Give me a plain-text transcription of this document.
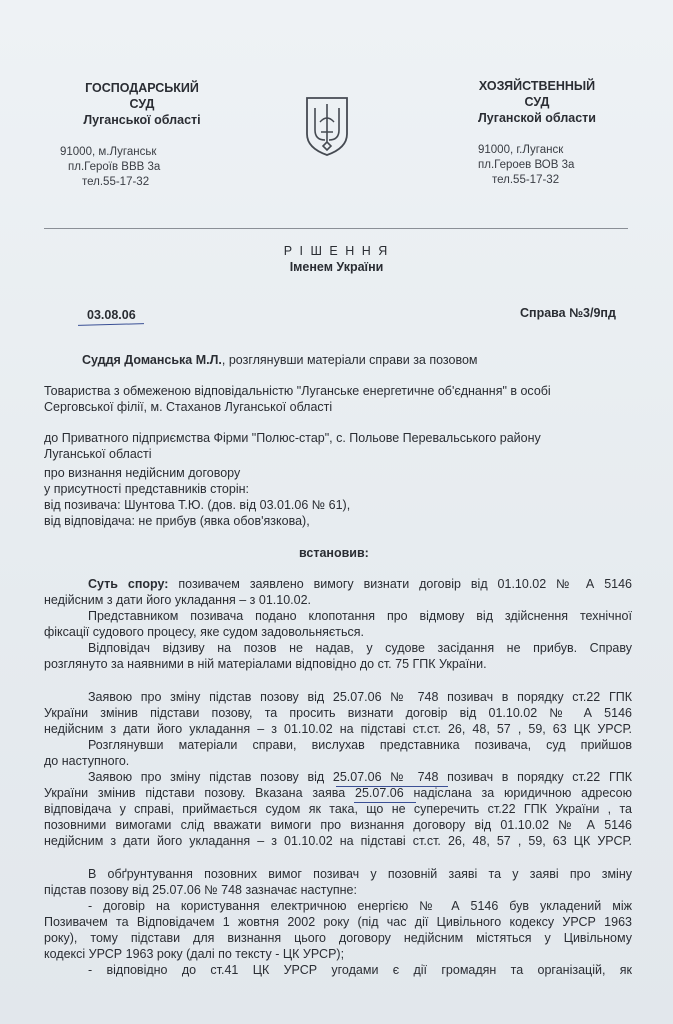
ГОСПОДАРСЬКИЙ
СУД
Луганської області
91000, м.Луганськ
пл.Героїв ВВВ 3а
тел.55-17-32
ХОЗЯЙСТВЕННЫЙ
СУД
Луганской области
91000, г.Луганск
пл.Героев ВОВ 3а
тел.55-17-32
Р І Ш Е Н Н Я
Іменем України
03.08.06	Справа №3/9пд
Суддя Доманська М.Л., розглянувши матеріали справи за позовом
Товариства з обмеженою відповідальністю "Луганське енергетичне об'єднання" в особі
Серговської філії, м. Стаханов Луганської області
до Приватного підприємства Фірми "Полюс-стар", с. Польове Перевальського району
Луганської області
про визнання недійсним договору
у присутності представників сторін:
від позивача: Шунтова Т.Ю. (дов. від 03.01.06 № 61),
від відповідача: не прибув (явка обов'язкова),
встановив:
Суть спору: позивачем заявлено вимогу визнати договір від 01.10.02 № А 5146
недійсним з дати його укладання – з 01.10.02.
Представником позивача подано клопотання про відмову від здійснення технічної
фіксації судового процесу, яке судом задовольняється.
Відповідач відзиву на позов не надав, у судове засідання не прибув. Справу
розглянуто за наявними в ній матеріалами відповідно до ст. 75 ГПК України.
Заявою про зміну підстав позову від 25.07.06 № 748 позивач в порядку ст.22 ГПК
України змінив підстави позову, та просить визнати договір від 01.10.02 № А 5146
недійсним з дати його укладання – з 01.10.02 на підставі ст.ст. 26, 48, 57 , 59, 63 ЦК УРСР.
Розглянувши матеріали справи, вислухав представника позивача, суд прийшов
до наступного.
Заявою про зміну підстав позову від 25.07.06 № 748 позивач в порядку ст.22 ГПК
України змінив підстави позову. Вказана заява 25.07.06 надіслана за юридичною адресою
відповідача у справі, приймається судом як така, що не суперечить ст.22 ГПК України , та
позовними вимогами слід вважати вимоги про визнання договору від 01.10.02 № А 5146
недійсним з дати його укладання – з 01.10.02 на підставі ст.ст. 26, 48, 57 , 59, 63 ЦК УРСР.
В обґрунтування позовних вимог позивач у позовній заяві та у заяві про зміну
підстав позову від 25.07.06 № 748 зазначає наступне:
- договір на користування електричною енергією № А 5146 був укладений між
Позивачем та Відповідачем 1 жовтня 2002 року (під час дії Цивільного кодексу УРСР 1963
року), тому підстави для визнання цього договору недійсним містяться у Цивільному
кодексі УРСР 1963 року (далі по тексту - ЦК УРСР);
- відповідно до ст.41 ЦК УРСР угодами є дії громадян та організацій, як
